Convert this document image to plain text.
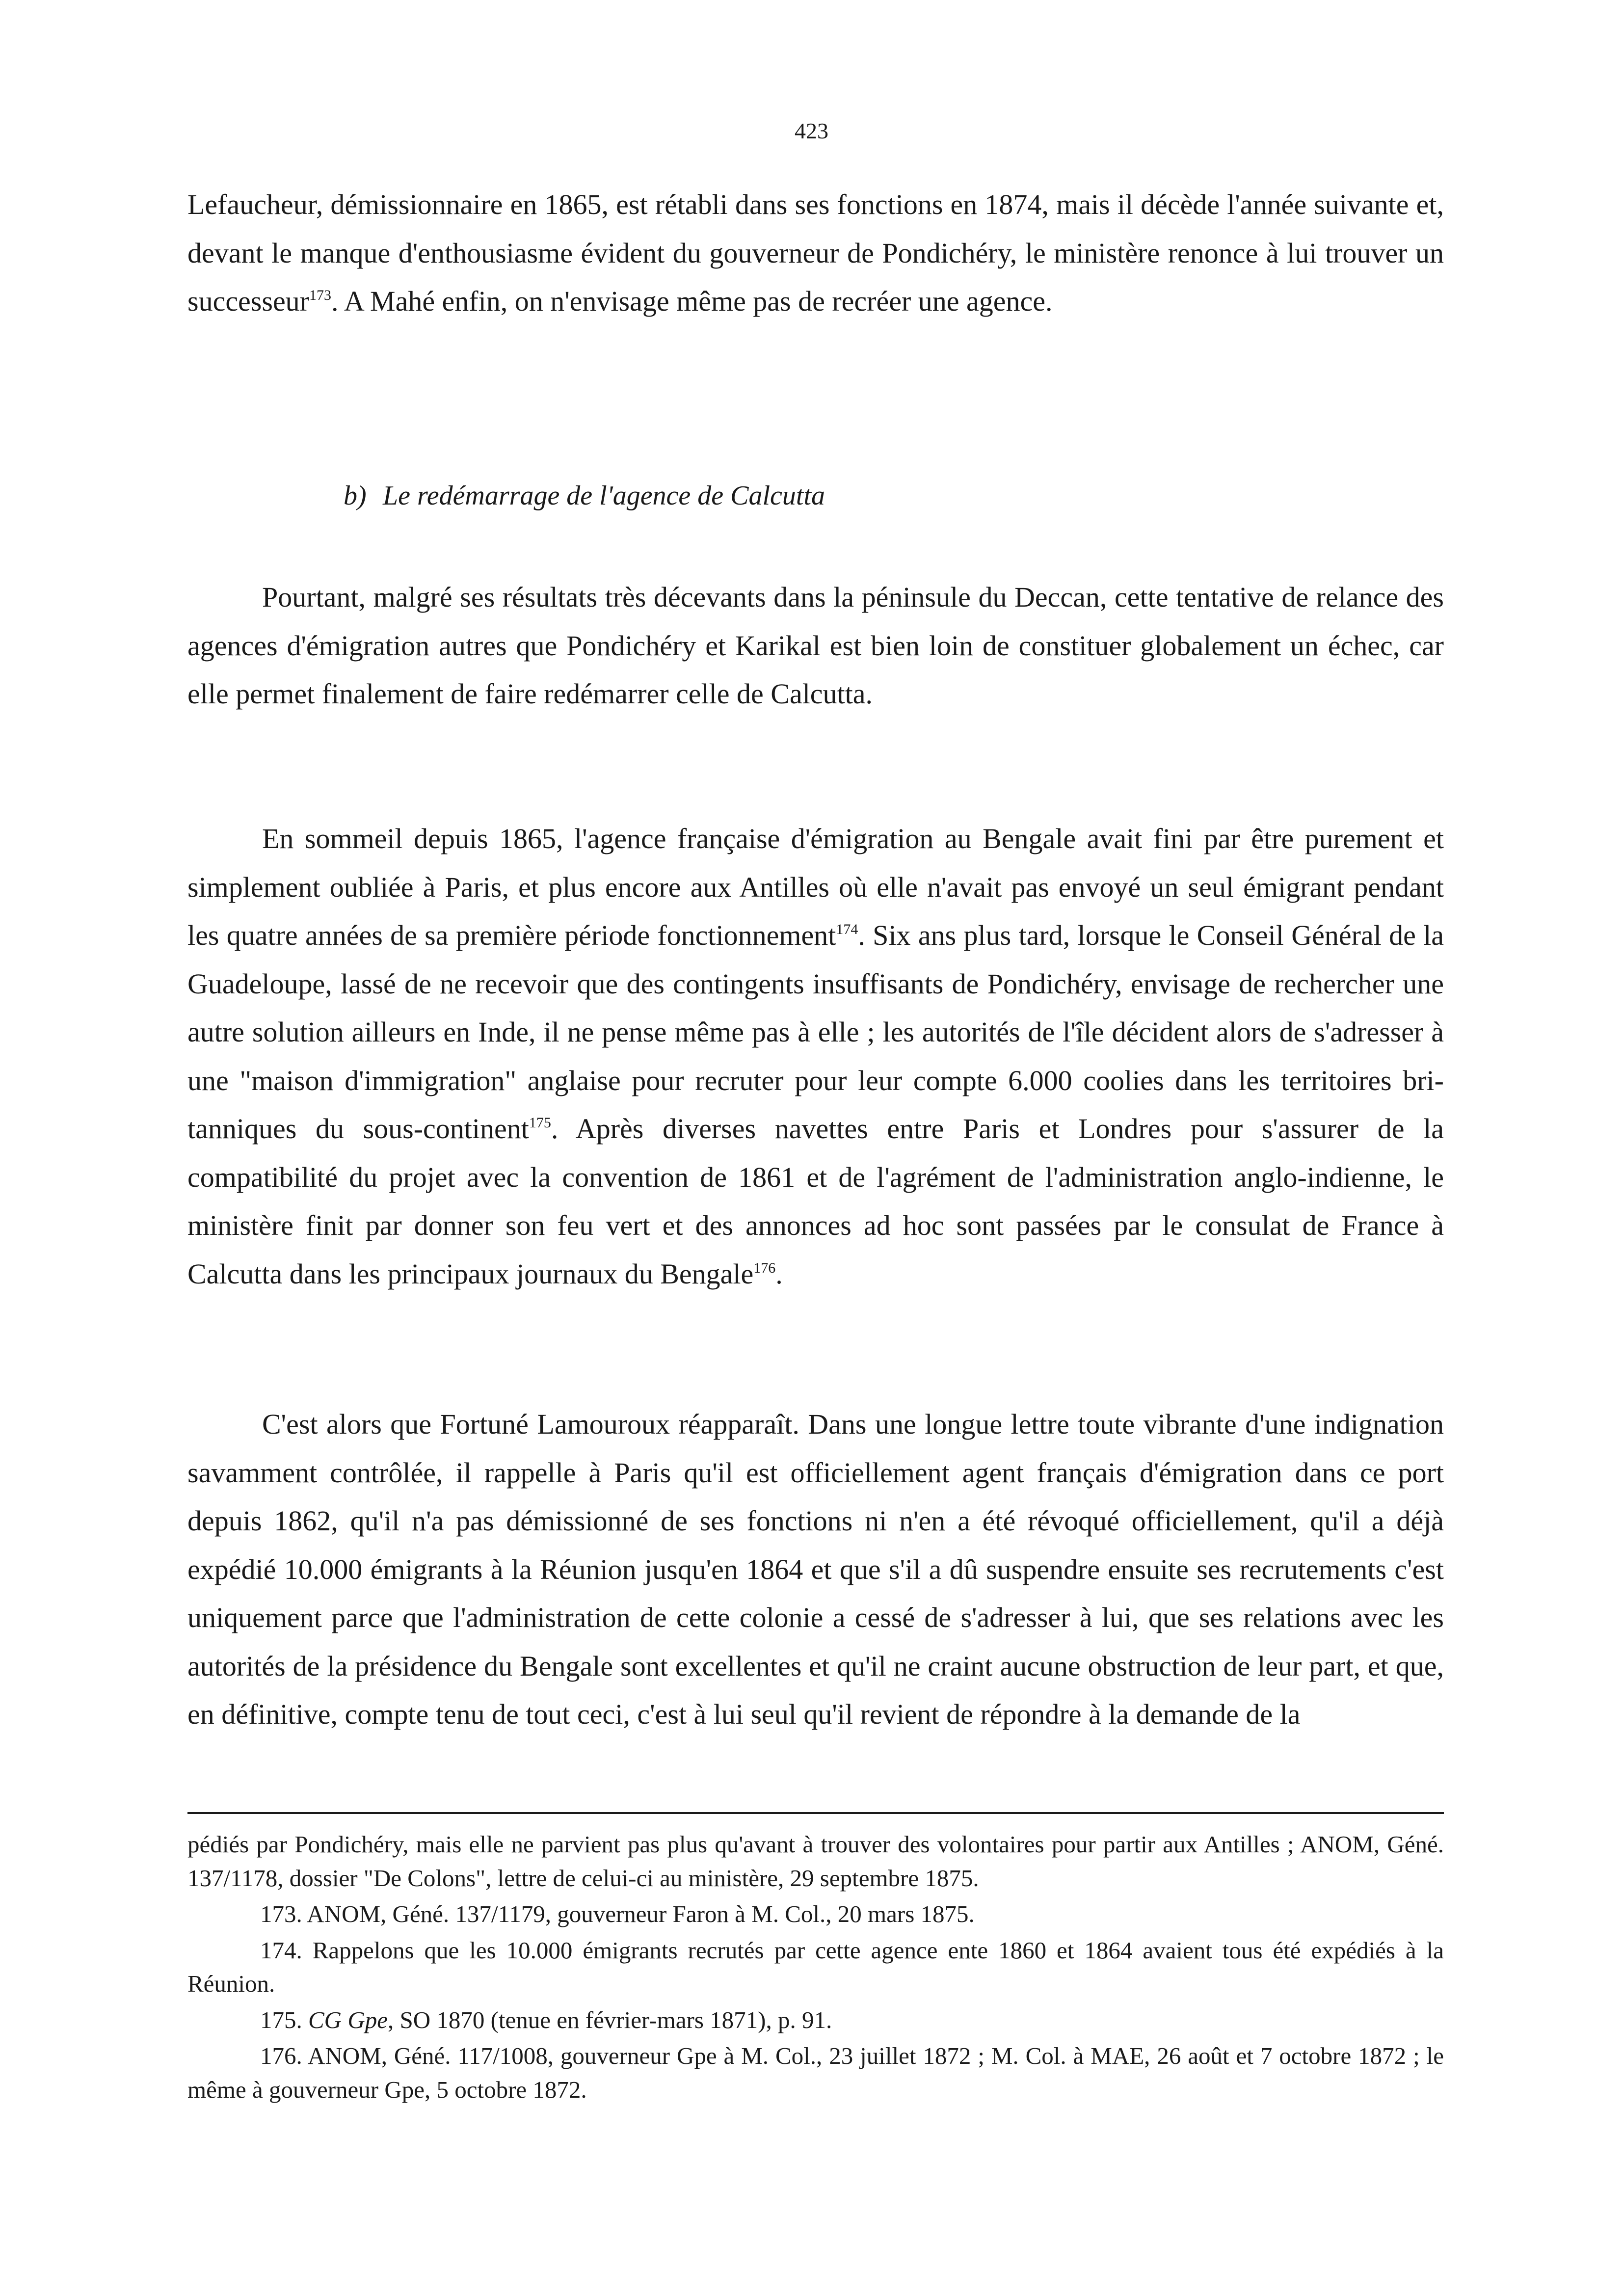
423

Lefaucheur, démissionnaire en 1865, est rétabli dans ses fonctions en 1874, mais il décède l'année suivante et, devant le manque d'enthousiasme évident du gouverneur de Pondichéry, le ministère renonce à lui trouver un successeur$^{173}$. A Mahé enfin, on n'envisage même pas de recréer une agence.

b) Le redémarrage de l'agence de Calcutta

Pourtant, malgré ses résultats très décevants dans la péninsule du Deccan, cette tentative de relance des agences d'émigration autres que Pondichéry et Karikal est bien loin de constituer globalement un échec, car elle permet finalement de faire redémarrer celle de Calcutta.

En sommeil depuis 1865, l'agence française d'émigration au Bengale avait fini par être purement et simplement oubliée à Paris, et plus encore aux Antilles où elle n'avait pas envoyé un seul émigrant pendant les quatre années de sa première période fonctionnement$^{174}$. Six ans plus tard, lorsque le Conseil Général de la Guadeloupe, lassé de ne recevoir que des contingents insuffisants de Pondichéry, envisage de rechercher une autre solution ailleurs en Inde, il ne pense même pas à elle ; les autorités de l'île décident alors de s'adresser à une "maison d'immigration" anglaise pour recruter pour leur compte 6.000 coolies dans les territoires britanniques du sous-continent$^{175}$. Après diverses navettes entre Paris et Londres pour s'assurer de la compatibilité du projet avec la convention de 1861 et de l'agrément de l'administration anglo-indienne, le ministère finit par donner son feu vert et des annonces ad hoc sont passées par le consulat de France à Calcutta dans les principaux journaux du Bengale$^{176}$.

C'est alors que Fortuné Lamouroux réapparaît. Dans une longue lettre toute vibrante d'une indignation savamment contrôlée, il rappelle à Paris qu'il est officiellement agent français d'émigration dans ce port depuis 1862, qu'il n'a pas démissionné de ses fonctions ni n'en a été révoqué officiellement, qu'il a déjà expédié 10.000 émigrants à la Réunion jusqu'en 1864 et que s'il a dû suspendre ensuite ses recrutements c'est uniquement parce que l'administration de cette colonie a cessé de s'adresser à lui, que ses relations avec les autorités de la présidence du Bengale sont excellentes et qu'il ne craint aucune obstruction de leur part, et que, en définitive, compte tenu de tout ceci, c'est à lui seul qu'il revient de répondre à la demande de la

pédiés par Pondichéry, mais elle ne parvient pas plus qu'avant à trouver des volontaires pour partir aux Antilles ; ANOM, Géné. 137/1178, dossier "De Colons", lettre de celui-ci au ministère, 29 septembre 1875.

173. ANOM, Géné. 137/1179, gouverneur Faron à M. Col., 20 mars 1875.

174. Rappelons que les 10.000 émigrants recrutés par cette agence ente 1860 et 1864 avaient tous été expédiés à la Réunion.

175. CG Gpe, SO 1870 (tenue en février-mars 1871), p. 91.

176. ANOM, Géné. 117/1008, gouverneur Gpe à M. Col., 23 juillet 1872 ; M. Col. à MAE, 26 août et 7 octobre 1872 ; le même à gouverneur Gpe, 5 octobre 1872.
